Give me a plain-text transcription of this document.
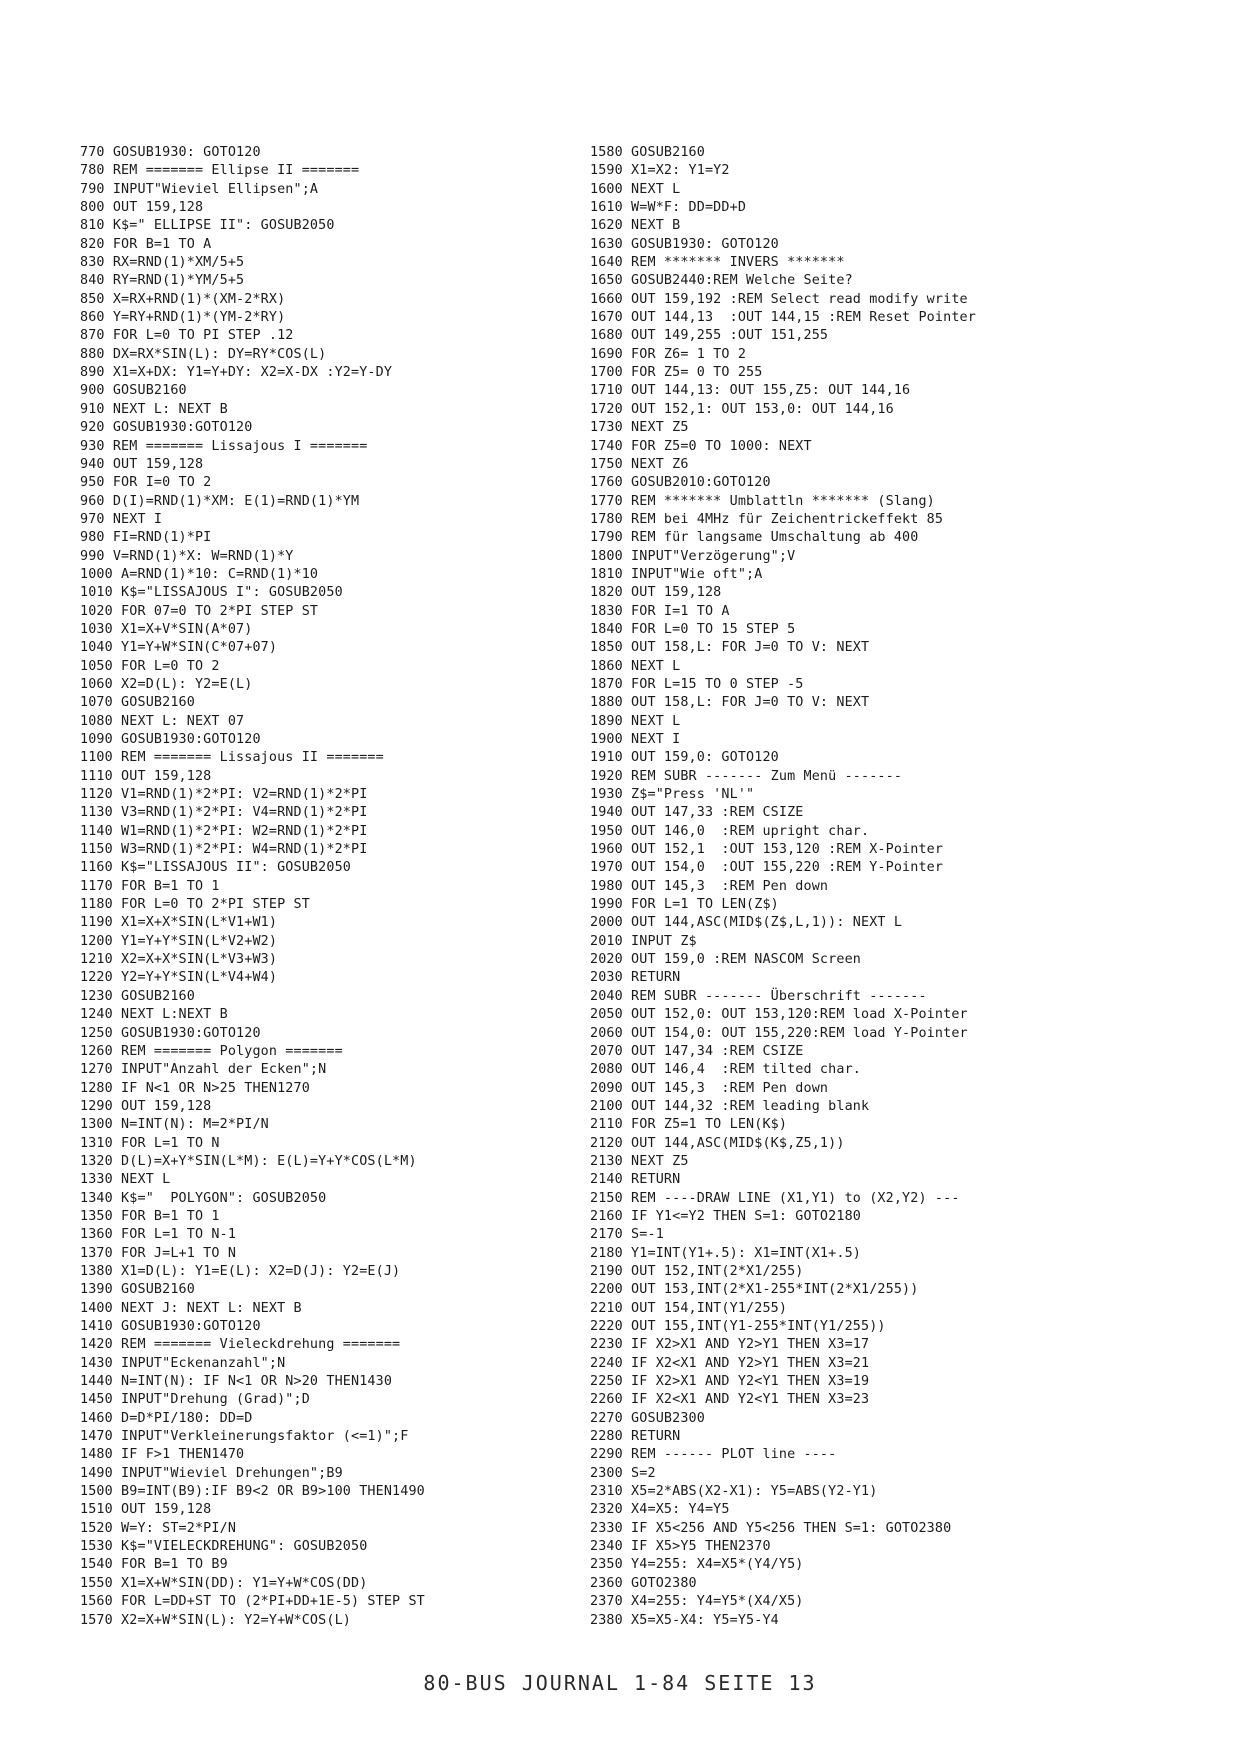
770 GOSUB1930: GOTO120
780 REM ======= Ellipse II =======
790 INPUT"Wieviel Ellipsen";A
800 OUT 159,128
810 K$=" ELLIPSE II": GOSUB2050
820 FOR B=1 TO A
830 RX=RND(1)*XM/5+5
840 RY=RND(1)*YM/5+5
850 X=RX+RND(1)*(XM-2*RX)
860 Y=RY+RND(1)*(YM-2*RY)
870 FOR L=0 TO PI STEP .12
880 DX=RX*SIN(L): DY=RY*COS(L)
890 X1=X+DX: Y1=Y+DY: X2=X-DX :Y2=Y-DY
900 GOSUB2160
910 NEXT L: NEXT B
920 GOSUB1930:GOTO120
930 REM ======= Lissajous I =======
940 OUT 159,128
950 FOR I=0 TO 2
960 D(I)=RND(1)*XM: E(1)=RND(1)*YM
970 NEXT I
980 FI=RND(1)*PI
990 V=RND(1)*X: W=RND(1)*Y
1000 A=RND(1)*10: C=RND(1)*10
1010 K$="LISSAJOUS I": GOSUB2050
1020 FOR 07=0 TO 2*PI STEP ST
1030 X1=X+V*SIN(A*07)
1040 Y1=Y+W*SIN(C*07+07)
1050 FOR L=0 TO 2
1060 X2=D(L): Y2=E(L)
1070 GOSUB2160
1080 NEXT L: NEXT 07
1090 GOSUB1930:GOTO120
1100 REM ======= Lissajous II =======
1110 OUT 159,128
1120 V1=RND(1)*2*PI: V2=RND(1)*2*PI
1130 V3=RND(1)*2*PI: V4=RND(1)*2*PI
1140 W1=RND(1)*2*PI: W2=RND(1)*2*PI
1150 W3=RND(1)*2*PI: W4=RND(1)*2*PI
1160 K$="LISSAJOUS II": GOSUB2050
1170 FOR B=1 TO 1
1180 FOR L=0 TO 2*PI STEP ST
1190 X1=X+X*SIN(L*V1+W1)
1200 Y1=Y+Y*SIN(L*V2+W2)
1210 X2=X+X*SIN(L*V3+W3)
1220 Y2=Y+Y*SIN(L*V4+W4)
1230 GOSUB2160
1240 NEXT L:NEXT B
1250 GOSUB1930:GOTO120
1260 REM ======= Polygon =======
1270 INPUT"Anzahl der Ecken";N
1280 IF N<1 OR N>25 THEN1270
1290 OUT 159,128
1300 N=INT(N): M=2*PI/N
1310 FOR L=1 TO N
1320 D(L)=X+Y*SIN(L*M): E(L)=Y+Y*COS(L*M)
1330 NEXT L
1340 K$="  POLYGON": GOSUB2050
1350 FOR B=1 TO 1
1360 FOR L=1 TO N-1
1370 FOR J=L+1 TO N
1380 X1=D(L): Y1=E(L): X2=D(J): Y2=E(J)
1390 GOSUB2160
1400 NEXT J: NEXT L: NEXT B
1410 GOSUB1930:GOTO120
1420 REM ======= Vieleckdrehung =======
1430 INPUT"Eckenanzahl";N
1440 N=INT(N): IF N<1 OR N>20 THEN1430
1450 INPUT"Drehung (Grad)";D
1460 D=D*PI/180: DD=D
1470 INPUT"Verkleinerungsfaktor (<=1)";F
1480 IF F>1 THEN1470
1490 INPUT"Wieviel Drehungen";B9
1500 B9=INT(B9):IF B9<2 OR B9>100 THEN1490
1510 OUT 159,128
1520 W=Y: ST=2*PI/N
1530 K$="VIELECKDREHUNG": GOSUB2050
1540 FOR B=1 TO B9
1550 X1=X+W*SIN(DD): Y1=Y+W*COS(DD)
1560 FOR L=DD+ST TO (2*PI+DD+1E-5) STEP ST
1570 X2=X+W*SIN(L): Y2=Y+W*COS(L)
1580 GOSUB2160
1590 X1=X2: Y1=Y2
1600 NEXT L
1610 W=W*F: DD=DD+D
1620 NEXT B
1630 GOSUB1930: GOTO120
1640 REM ******* INVERS *******
1650 GOSUB2440:REM Welche Seite?
1660 OUT 159,192 :REM Select read modify write
1670 OUT 144,13  :OUT 144,15 :REM Reset Pointer
1680 OUT 149,255 :OUT 151,255
1690 FOR Z6= 1 TO 2
1700 FOR Z5= 0 TO 255
1710 OUT 144,13: OUT 155,Z5: OUT 144,16
1720 OUT 152,1: OUT 153,0: OUT 144,16
1730 NEXT Z5
1740 FOR Z5=0 TO 1000: NEXT
1750 NEXT Z6
1760 GOSUB2010:GOTO120
1770 REM ******* Umblattln ******* (Slang)
1780 REM bei 4MHz für Zeichentrickeffekt 85
1790 REM für langsame Umschaltung ab 400
1800 INPUT"Verzögerung";V
1810 INPUT"Wie oft";A
1820 OUT 159,128
1830 FOR I=1 TO A
1840 FOR L=0 TO 15 STEP 5
1850 OUT 158,L: FOR J=0 TO V: NEXT
1860 NEXT L
1870 FOR L=15 TO 0 STEP -5
1880 OUT 158,L: FOR J=0 TO V: NEXT
1890 NEXT L
1900 NEXT I
1910 OUT 159,0: GOTO120
1920 REM SUBR ------- Zum Menü -------
1930 Z$="Press 'NL'"
1940 OUT 147,33 :REM CSIZE
1950 OUT 146,0  :REM upright char.
1960 OUT 152,1  :OUT 153,120 :REM X-Pointer
1970 OUT 154,0  :OUT 155,220 :REM Y-Pointer
1980 OUT 145,3  :REM Pen down
1990 FOR L=1 TO LEN(Z$)
2000 OUT 144,ASC(MID$(Z$,L,1)): NEXT L
2010 INPUT Z$
2020 OUT 159,0 :REM NASCOM Screen
2030 RETURN
2040 REM SUBR ------- Überschrift -------
2050 OUT 152,0: OUT 153,120:REM load X-Pointer
2060 OUT 154,0: OUT 155,220:REM load Y-Pointer
2070 OUT 147,34 :REM CSIZE
2080 OUT 146,4  :REM tilted char.
2090 OUT 145,3  :REM Pen down
2100 OUT 144,32 :REM leading blank
2110 FOR Z5=1 TO LEN(K$)
2120 OUT 144,ASC(MID$(K$,Z5,1))
2130 NEXT Z5
2140 RETURN
2150 REM ----DRAW LINE (X1,Y1) to (X2,Y2) ---
2160 IF Y1<=Y2 THEN S=1: GOTO2180
2170 S=-1
2180 Y1=INT(Y1+.5): X1=INT(X1+.5)
2190 OUT 152,INT(2*X1/255)
2200 OUT 153,INT(2*X1-255*INT(2*X1/255))
2210 OUT 154,INT(Y1/255)
2220 OUT 155,INT(Y1-255*INT(Y1/255))
2230 IF X2>X1 AND Y2>Y1 THEN X3=17
2240 IF X2<X1 AND Y2>Y1 THEN X3=21
2250 IF X2>X1 AND Y2<Y1 THEN X3=19
2260 IF X2<X1 AND Y2<Y1 THEN X3=23
2270 GOSUB2300
2280 RETURN
2290 REM ------ PLOT line ----
2300 S=2
2310 X5=2*ABS(X2-X1): Y5=ABS(Y2-Y1)
2320 X4=X5: Y4=Y5
2330 IF X5<256 AND Y5<256 THEN S=1: GOTO2380
2340 IF X5>Y5 THEN2370
2350 Y4=255: X4=X5*(Y4/Y5)
2360 GOTO2380
2370 X4=255: Y4=Y5*(X4/X5)
2380 X5=X5-X4: Y5=Y5-Y4
80-BUS JOURNAL 1-84 SEITE 13
